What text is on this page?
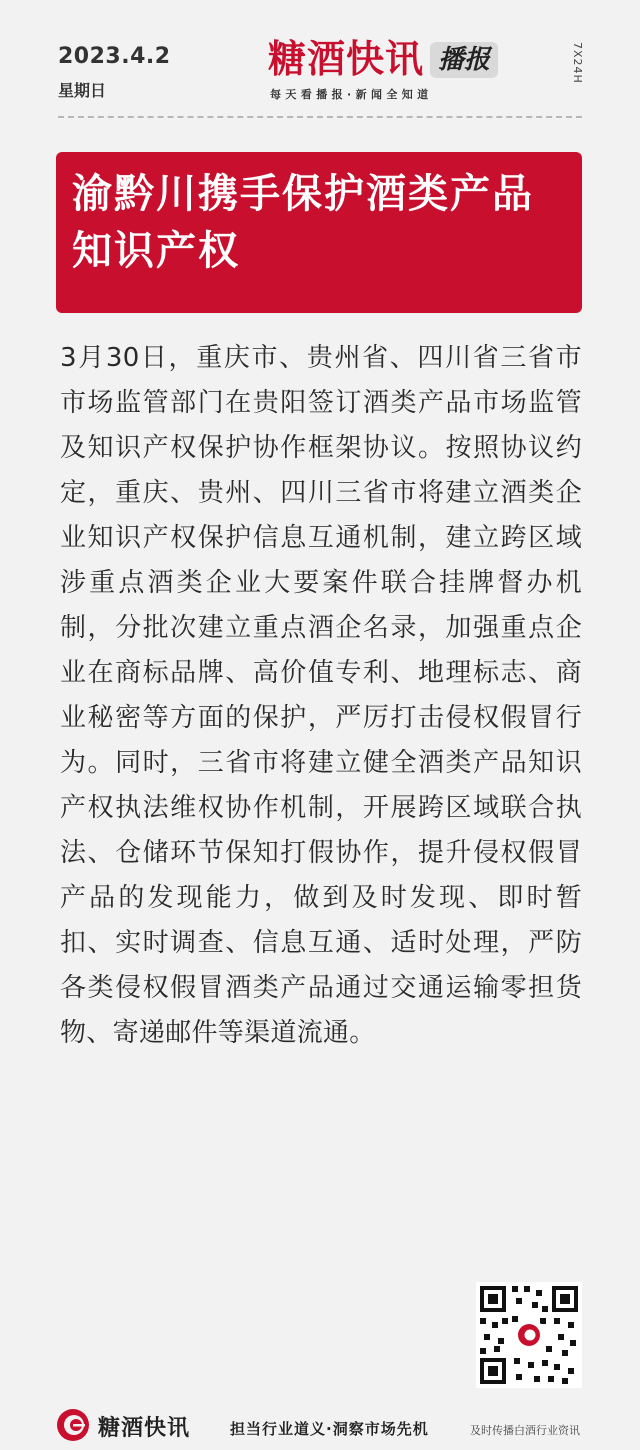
2023.4.2
星期日
糖酒快讯 播报
每天看播报·新闻全知道
7X24H
渝黔川携手保护酒类产品知识产权

3月30日，重庆市、贵州省、四川省三省市市场监管部门在贵阳签订酒类产品市场监管及知识产权保护协作框架协议。按照协议约定，重庆、贵州、四川三省市将建立酒类企业知识产权保护信息互通机制，建立跨区域涉重点酒类企业大要案件联合挂牌督办机制，分批次建立重点酒企名录，加强重点企业在商标品牌、高价值专利、地理标志、商业秘密等方面的保护，严厉打击侵权假冒行为。同时，三省市将建立健全酒类产品知识产权执法维权协作机制，开展跨区域联合执法、仓储环节保知打假协作，提升侵权假冒产品的发现能力，做到及时发现、即时暂扣、实时调查、信息互通、适时处理，严防各类侵权假冒酒类产品通过交通运输零担货物、寄递邮件等渠道流通。

及时传播白酒行业资讯
糖酒快讯	担当行业道义·洞察市场先机
